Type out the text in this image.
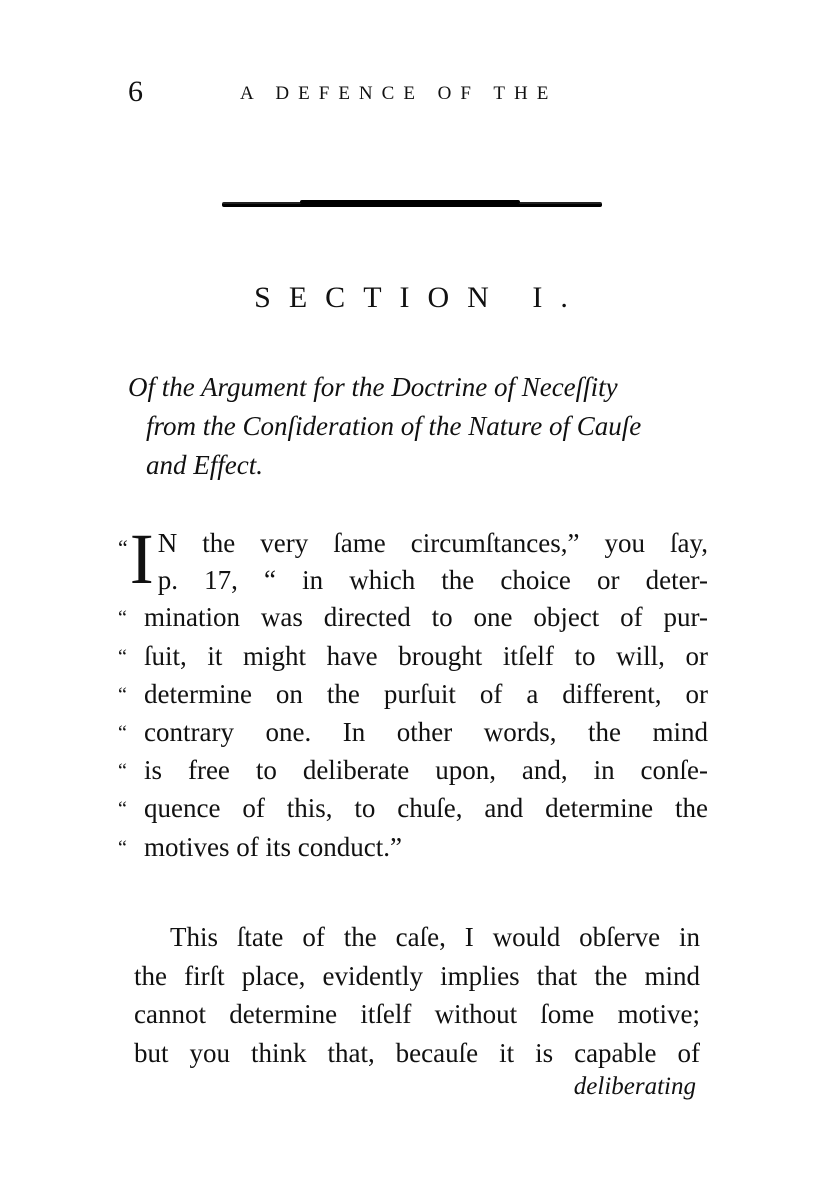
6	A DEFENCE OF THE
SECTION I.
Of the Argument for the Doctrine of Neceſſity
from the Conſideration of the Nature of Cauſe
and Effect.
“ I N the very ſame circumſtances,” you ſay,
p. 17, “ in which the choice or deter-
“ mination was directed to one object of pur-
“ ſuit, it might have brought itſelf to will, or
“ determine on the purſuit of a different, or
“ contrary one. In other words, the mind
“ is free to deliberate upon, and, in conſe-
“ quence of this, to chuſe, and determine the
“ motives of its conduct.”
This ſtate of the caſe, I would obſerve in
the firſt place, evidently implies that the mind
cannot determine itſelf without ſome motive;
but you think that, becauſe it is capable of
deliberating
